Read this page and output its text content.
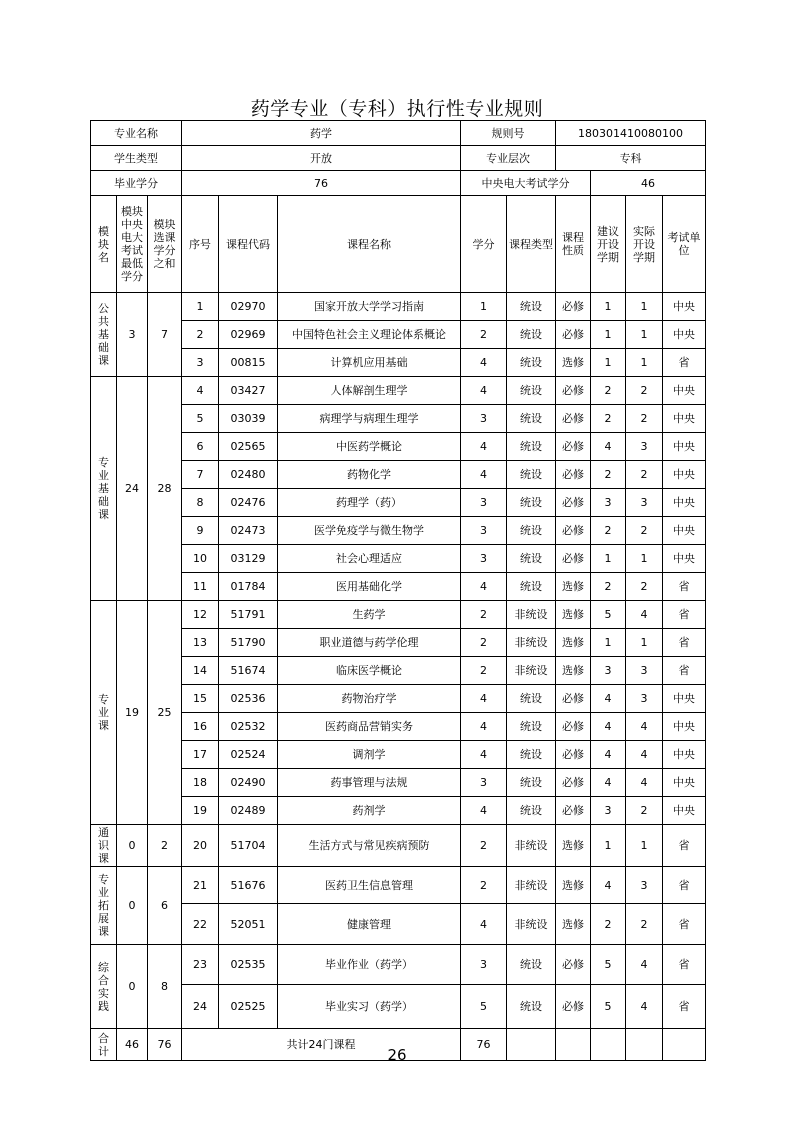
药学专业（专科）执行性专业规则
专业名称			药学			规则号		180301410080100			
学生类型			开放			专业层次		专科			
毕业学分			76			中央电大考试学分			46		
模块名	模块中央电大考试最低学分	模块选课学分之和	序号	课程代码	课程名称	学分	课程类型	课程性质	建议开设学期	实际开设学期	考试单位
公共基础课	3	7	1	02970	国家开放大学学习指南	1	统设	必修	1	1	中央
			2	02969	中国特色社会主义理论体系概论	2	统设	必修	1	1	中央
			3	00815	计算机应用基础	4	统设	选修	1	1	省
专业基础课	24	28	4	03427	人体解剖生理学	4	统设	必修	2	2	中央
			5	03039	病理学与病理生理学	3	统设	必修	2	2	中央
			6	02565	中医药学概论	4	统设	必修	4	3	中央
			7	02480	药物化学	4	统设	必修	2	2	中央
			8	02476	药理学（药）	3	统设	必修	3	3	中央
			9	02473	医学免疫学与微生物学	3	统设	必修	2	2	中央
			10	03129	社会心理适应	3	统设	必修	1	1	中央
			11	01784	医用基础化学	4	统设	选修	2	2	省
专业课	19	25	12	51791	生药学	2	非统设	选修	5	4	省
			13	51790	职业道德与药学伦理	2	非统设	选修	1	1	省
			14	51674	临床医学概论	2	非统设	选修	3	3	省
			15	02536	药物治疗学	4	统设	必修	4	3	中央
			16	02532	医药商品营销实务	4	统设	必修	4	4	中央
			17	02524	调剂学	4	统设	必修	4	4	中央
			18	02490	药事管理与法规	3	统设	必修	4	4	中央
			19	02489	药剂学	4	统设	必修	3	2	中央
通识课	0	2	20	51704	生活方式与常见疾病预防	2	非统设	选修	1	1	省
专业拓展课	0	6	21	51676	医药卫生信息管理	2	非统设	选修	4	3	省
			22	52051	健康管理	4	非统设	选修	2	2	省
综合实践	0	8	23	02535	毕业作业（药学）	3	统设	必修	5	4	省
			24	02525	毕业实习（药学）	5	统设	必修	5	4	省
合计	46	76	共计24门课程			76					
26
